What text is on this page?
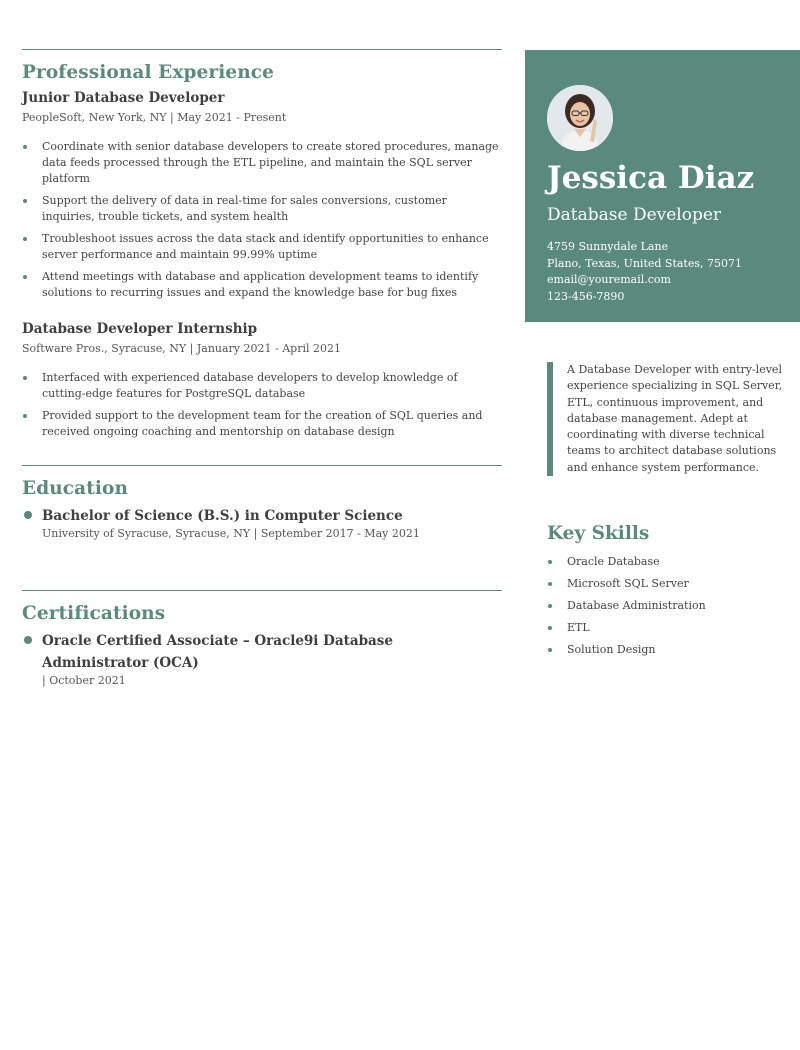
Professional Experience
Junior Database Developer
PeopleSoft, New York, NY | May 2021 - Present
Coordinate with senior database developers to create stored procedures, manage data feeds processed through the ETL pipeline, and maintain the SQL server platform
Support the delivery of data in real-time for sales conversions, customer inquiries, trouble tickets, and system health
Troubleshoot issues across the data stack and identify opportunities to enhance server performance and maintain 99.99% uptime
Attend meetings with database and application development teams to identify solutions to recurring issues and expand the knowledge base for bug fixes
Database Developer Internship
Software Pros., Syracuse, NY | January 2021 - April 2021
Interfaced with experienced database developers to develop knowledge of cutting-edge features for PostgreSQL database
Provided support to the development team for the creation of SQL queries and received ongoing coaching and mentorship on database design
Education
Bachelor of Science (B.S.) in Computer Science
University of Syracuse, Syracuse, NY | September 2017 - May 2021
Certifications
Oracle Certified Associate – Oracle9i Database Administrator (OCA)
| October 2021
Jessica Diaz
Database Developer
4759 Sunnydale Lane
Plano, Texas, United States, 75071
email@youremail.com
123-456-7890
A Database Developer with entry-level experience specializing in SQL Server, ETL, continuous improvement, and database management. Adept at coordinating with diverse technical teams to architect database solutions and enhance system performance.
Key Skills
Oracle Database
Microsoft SQL Server
Database Administration
ETL
Solution Design
